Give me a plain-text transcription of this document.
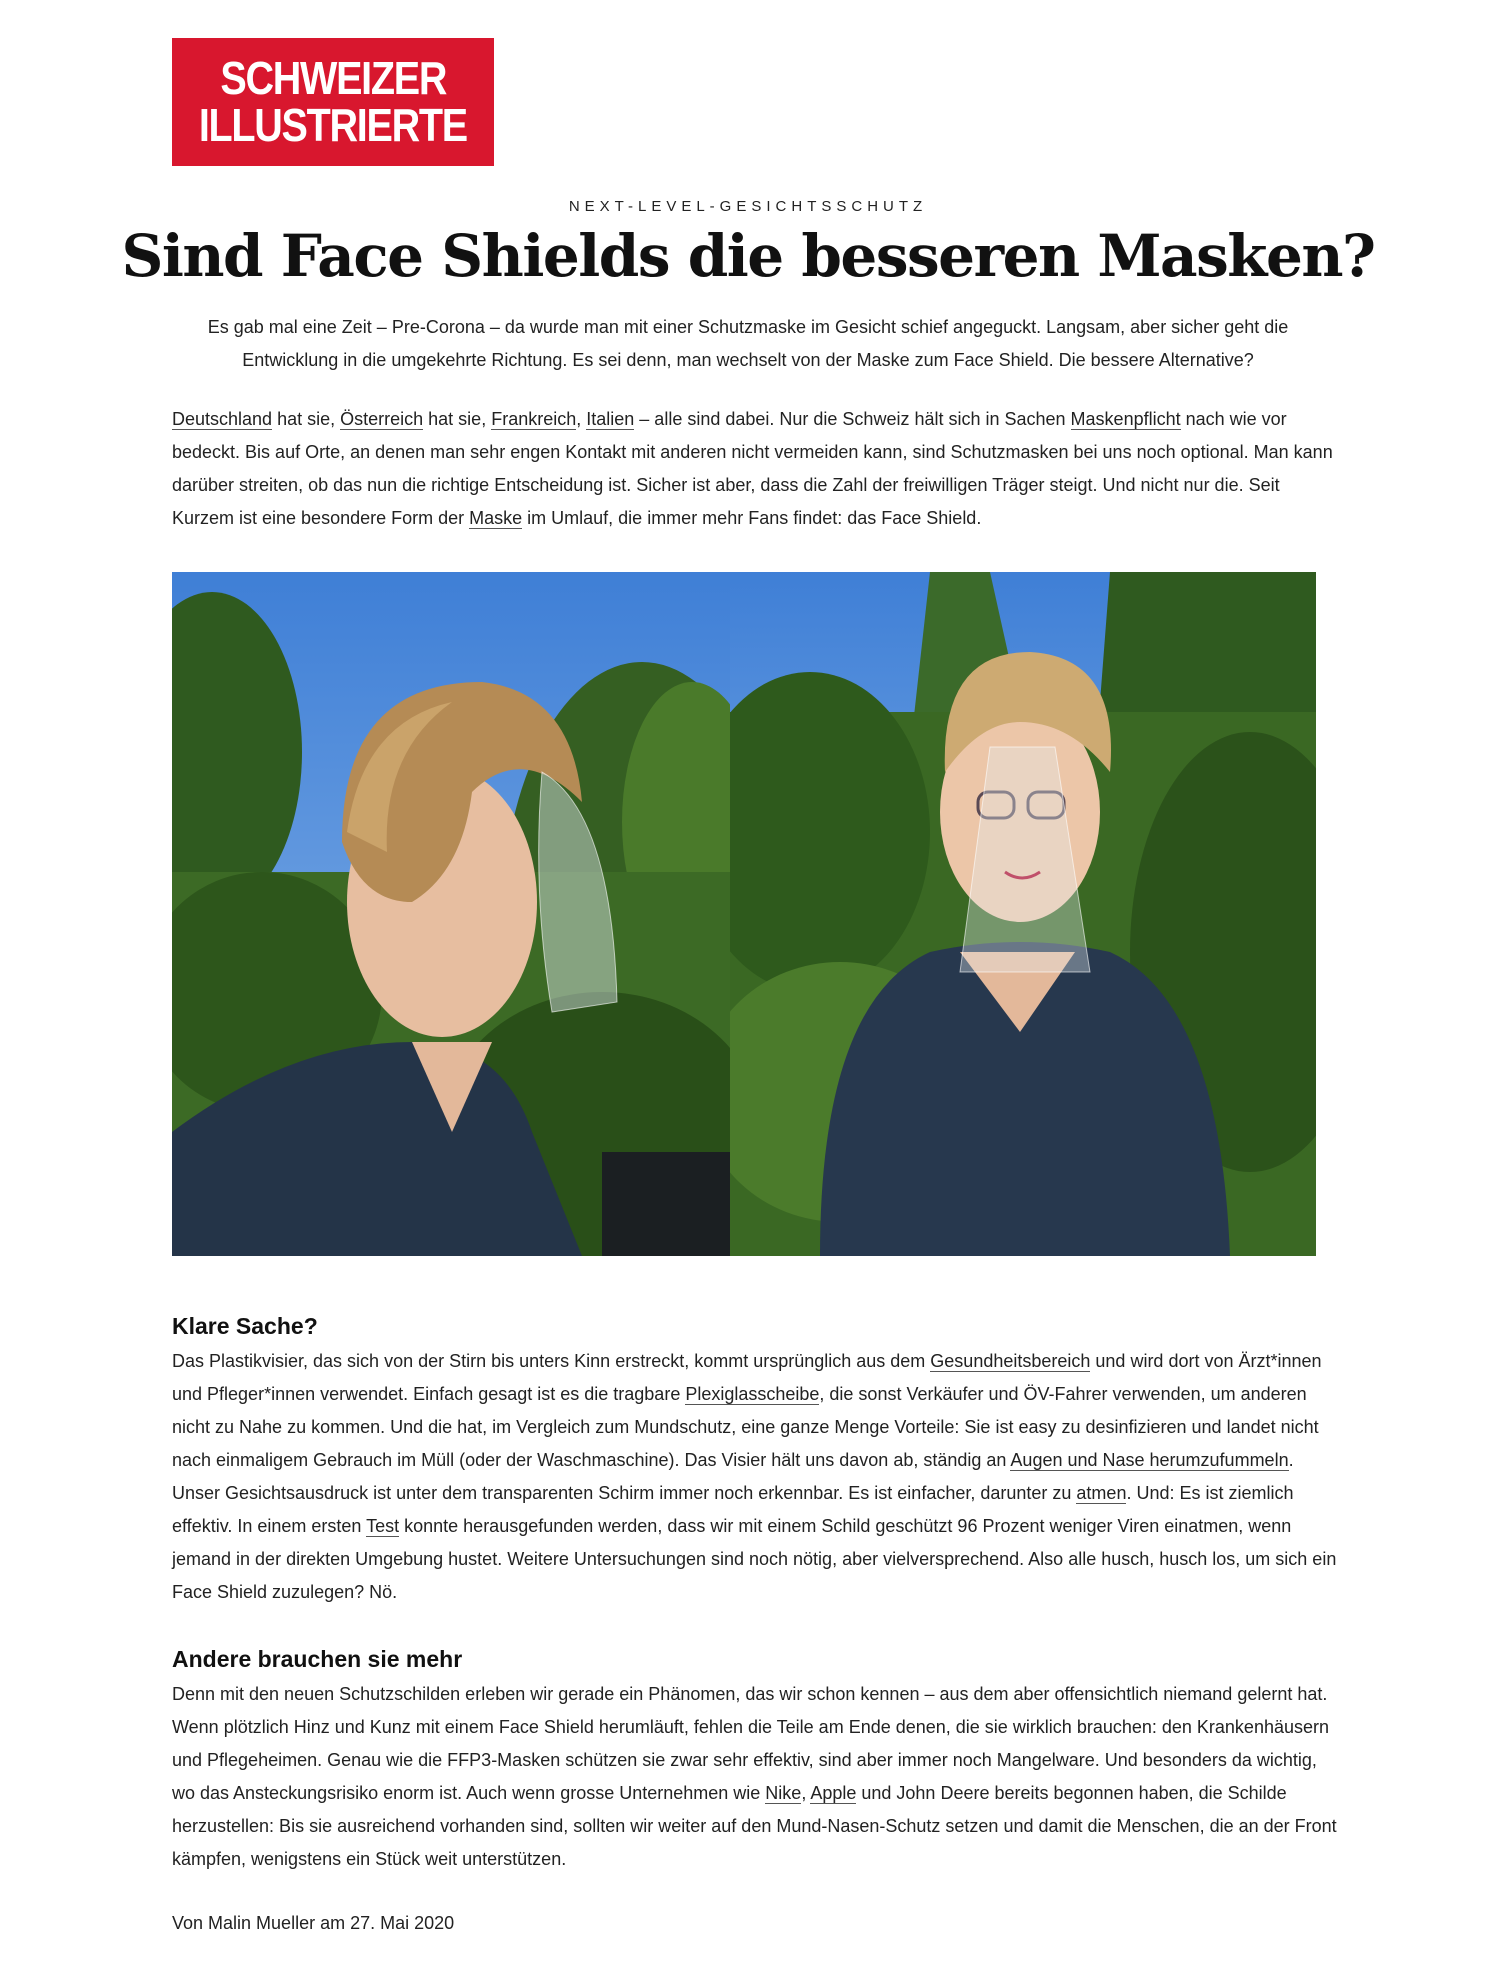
SCHWEIZER
ILLUSTRIERTE
NEXT-LEVEL-GESICHTSSCHUTZ
Sind Face Shields die besseren Masken?

Es gab mal eine Zeit – Pre-Corona – da wurde man mit einer Schutzmaske im Gesicht schief angeguckt. Langsam, aber sicher geht die Entwicklung in die umgekehrte Richtung. Es sei denn, man wechselt von der Maske zum Face Shield. Die bessere Alternative?

Deutschland hat sie, Österreich hat sie, Frankreich, Italien – alle sind dabei. Nur die Schweiz hält sich in Sachen Maskenpflicht nach wie vor bedeckt. Bis auf Orte, an denen man sehr engen Kontakt mit anderen nicht vermeiden kann, sind Schutzmasken bei uns noch optional. Man kann darüber streiten, ob das nun die richtige Entscheidung ist. Sicher ist aber, dass die Zahl der freiwilligen Träger steigt. Und nicht nur die. Seit Kurzem ist eine besondere Form der Maske im Umlauf, die immer mehr Fans findet: das Face Shield.

Klare Sache?

Das Plastikvisier, das sich von der Stirn bis unters Kinn erstreckt, kommt ursprünglich aus dem Gesundheitsbereich und wird dort von Ärzt*innen und Pfleger*innen verwendet. Einfach gesagt ist es die tragbare Plexiglasscheibe, die sonst Verkäufer und ÖV-Fahrer verwenden, um anderen nicht zu Nahe zu kommen. Und die hat, im Vergleich zum Mundschutz, eine ganze Menge Vorteile: Sie ist easy zu desinfizieren und landet nicht nach einmaligem Gebrauch im Müll (oder der Waschmaschine). Das Visier hält uns davon ab, ständig an Augen und Nase herumzufummeln. Unser Gesichtsausdruck ist unter dem transparenten Schirm immer noch erkennbar. Es ist einfacher, darunter zu atmen. Und: Es ist ziemlich effektiv. In einem ersten Test konnte herausgefunden werden, dass wir mit einem Schild geschützt 96 Prozent weniger Viren einatmen, wenn jemand in der direkten Umgebung hustet. Weitere Untersuchungen sind noch nötig, aber vielversprechend. Also alle husch, husch los, um sich ein Face Shield zuzulegen? Nö.

Andere brauchen sie mehr

Denn mit den neuen Schutzschilden erleben wir gerade ein Phänomen, das wir schon kennen – aus dem aber offensichtlich niemand gelernt hat. Wenn plötzlich Hinz und Kunz mit einem Face Shield herumläuft, fehlen die Teile am Ende denen, die sie wirklich brauchen: den Krankenhäusern und Pflegeheimen. Genau wie die FFP3-Masken schützen sie zwar sehr effektiv, sind aber immer noch Mangelware. Und besonders da wichtig, wo das Ansteckungsrisiko enorm ist. Auch wenn grosse Unternehmen wie Nike, Apple und John Deere bereits begonnen haben, die Schilde herzustellen: Bis sie ausreichend vorhanden sind, sollten wir weiter auf den Mund-Nasen-Schutz setzen und damit die Menschen, die an der Front kämpfen, wenigstens ein Stück weit unterstützen.

Von Malin Mueller am 27. Mai 2020
